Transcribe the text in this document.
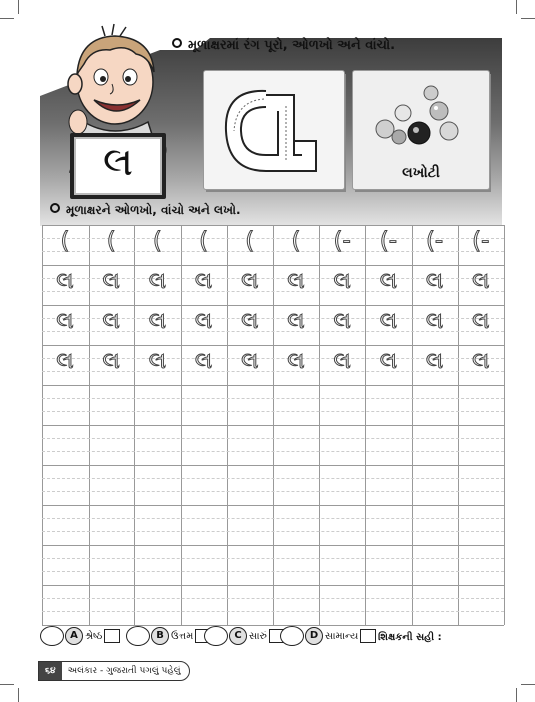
મૂળાક્ષરમાં રંગ પૂરો, ઓળખો અને વાંચો.
લ	લખોટી
મૂળાક્ષરને ઓળખો, વાંચો અને લખો.
(	(	(	(	(	(	(-	(-	(-	(-
લ	લ	લ	લ	લ	લ	લ	લ	લ	લ
લ	લ	લ	લ	લ	લ	લ	લ	લ	લ
લ	લ	લ	લ	લ	લ	લ	લ	લ	લ
A શ્રેષ્ઠ	B ઉત્તમ	C સારું	D સામાન્ય શિક્ષકની સહી :
૬૪	અલંકાર - ગુજરાતી પગલું પહેલું
